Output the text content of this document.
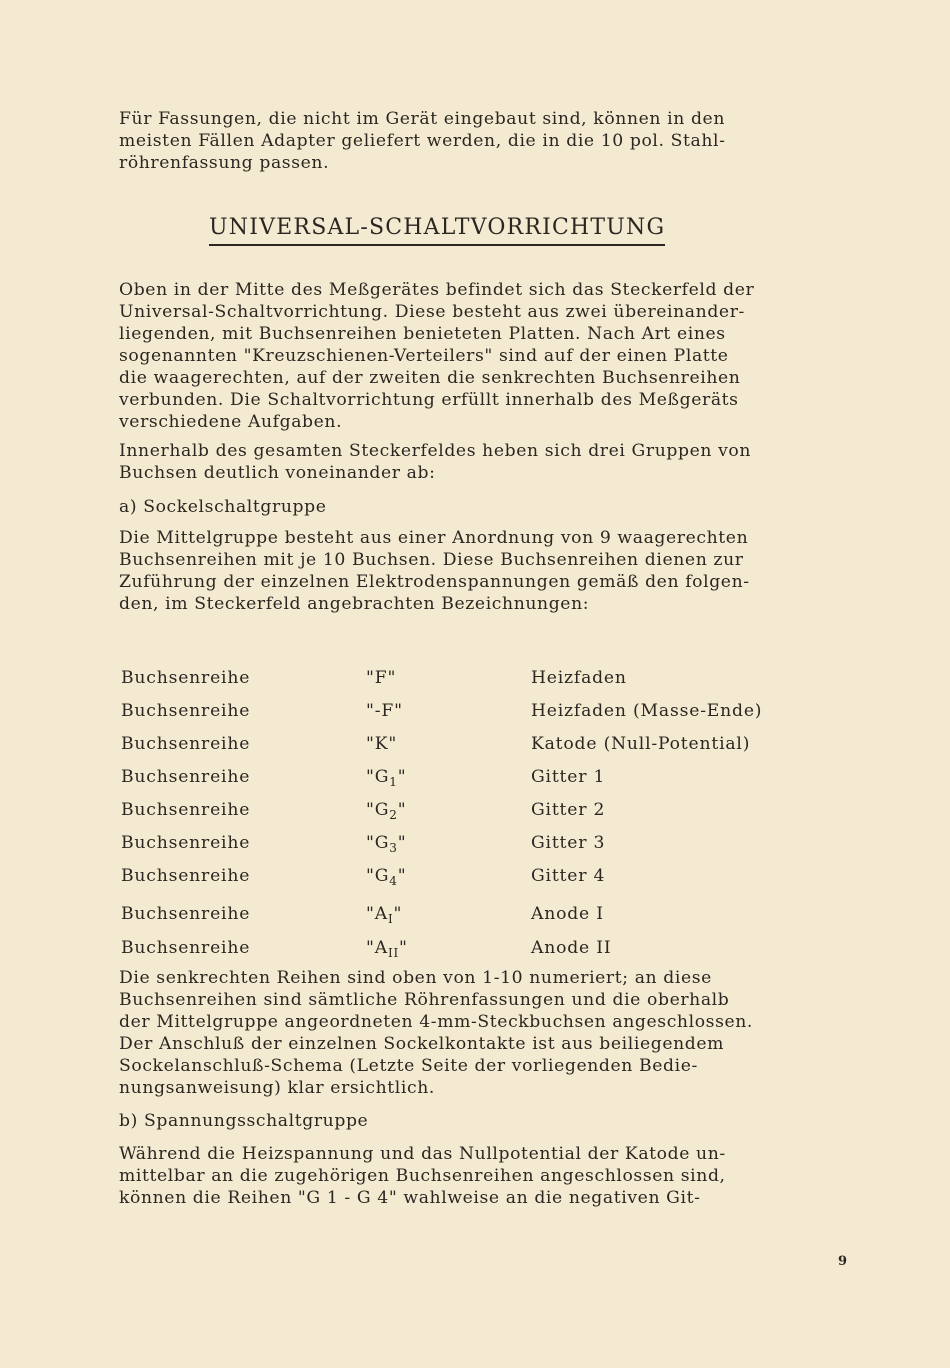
Für Fassungen, die nicht im Gerät eingebaut sind, können in den
meisten Fällen Adapter geliefert werden, die in die 10 pol. Stahl-
röhrenfassung passen.
UNIVERSAL-SCHALTVORRICHTUNG
Oben in der Mitte des Meßgerätes befindet sich das Steckerfeld der
Universal-Schaltvorrichtung. Diese besteht aus zwei übereinander-
liegenden, mit Buchsenreihen benieteten Platten. Nach Art eines
sogenannten "Kreuzschienen-Verteilers" sind auf der einen Platte
die waagerechten, auf der zweiten die senkrechten Buchsenreihen
verbunden. Die Schaltvorrichtung erfüllt innerhalb des Meßgeräts
verschiedene Aufgaben.
Innerhalb des gesamten Steckerfeldes heben sich drei Gruppen von
Buchsen deutlich voneinander ab:
a) Sockelschaltgruppe
Die Mittelgruppe besteht aus einer Anordnung von 9 waagerechten
Buchsenreihen mit je 10 Buchsen. Diese Buchsenreihen dienen zur
Zuführung der einzelnen Elektrodenspannungen gemäß den folgen-
den, im Steckerfeld angebrachten Bezeichnungen:
Buchsenreihe	"F"	Heizfaden
Buchsenreihe	"-F"	Heizfaden (Masse-Ende)
Buchsenreihe	"K"	Katode (Null-Potential)
Buchsenreihe	"$G_1$"	Gitter 1
Buchsenreihe	"$G_2$"	Gitter 2
Buchsenreihe	"$G_3$"	Gitter 3
Buchsenreihe	"$G_4$"	Gitter 4
Buchsenreihe	"$A_I$"	Anode I
Buchsenreihe	"$A_{II}$"	Anode II
Die senkrechten Reihen sind oben von 1-10 numeriert; an diese
Buchsenreihen sind sämtliche Röhrenfassungen und die oberhalb
der Mittelgruppe angeordneten 4-mm-Steckbuchsen angeschlossen.
Der Anschluß der einzelnen Sockelkontakte ist aus beiliegendem
Sockelanschluß-Schema (Letzte Seite der vorliegenden Bedie-
nungsanweisung) klar ersichtlich.
b) Spannungsschaltgruppe
Während die Heizspannung und das Nullpotential der Katode un-
mittelbar an die zugehörigen Buchsenreihen angeschlossen sind,
können die Reihen "G 1 - G 4" wahlweise an die negativen Git-
9
